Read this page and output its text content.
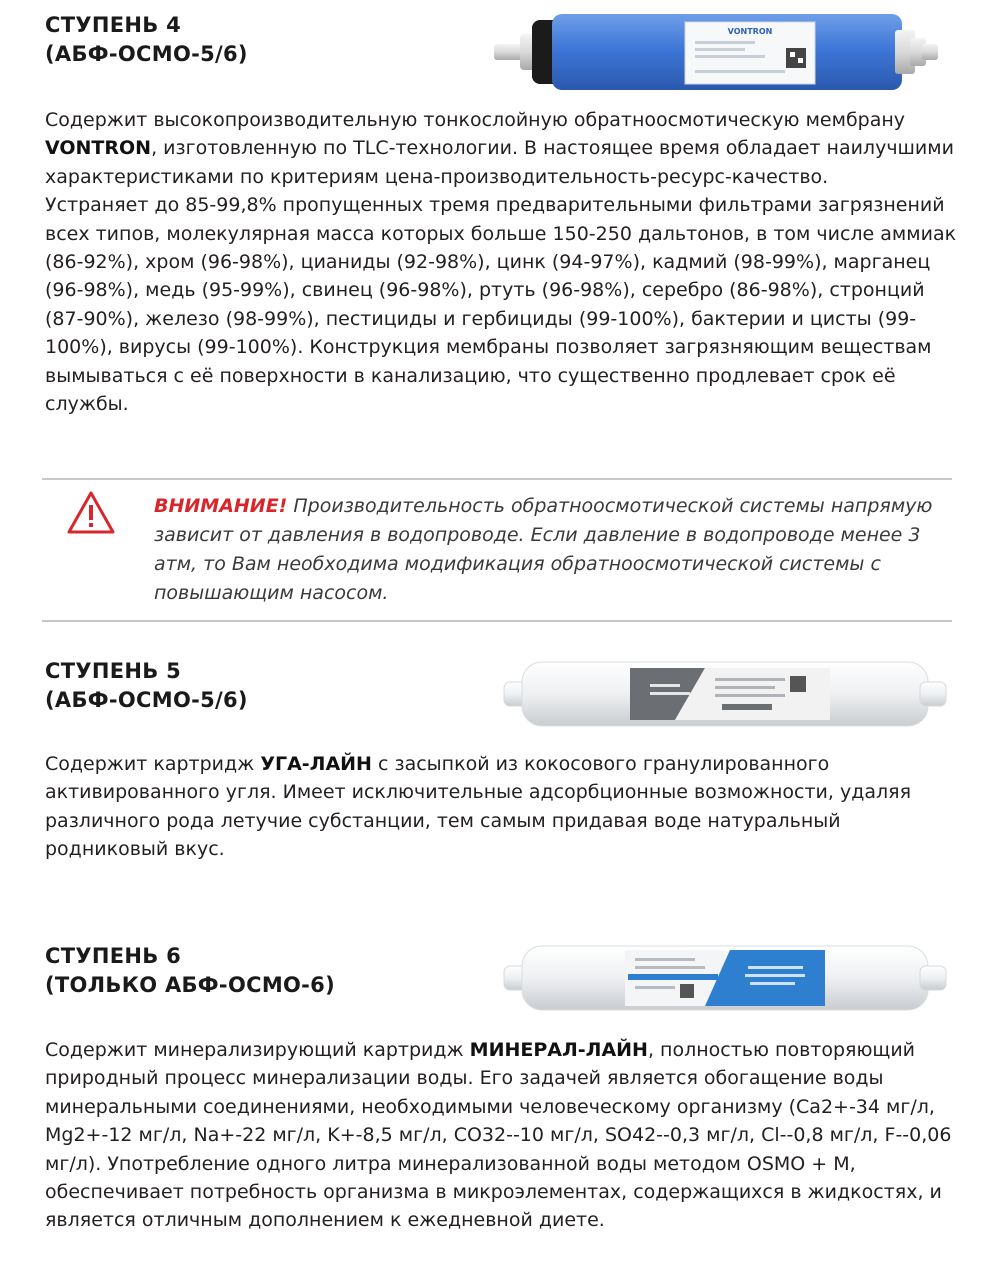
СТУПЕНЬ 4
(АБФ-ОСМО-5/6)
VONTRON
Содержит высокопроизводительную тонкослойную обратноосмотическую мембрану VONTRON, изготовленную по TLC-технологии. В настоящее время обладает наилучшими характеристиками по критериям цена-производительность-ресурс-качество.
Устраняет до 85-99,8% пропущенных тремя предварительными фильтрами загрязнений всех типов, молекулярная масса которых больше 150-250 дальтонов, в том числе аммиак (86-92%), хром (96-98%), цианиды (92-98%), цинк (94-97%), кадмий (98-99%), марганец (96-98%), медь (95-99%), свинец (96-98%), ртуть (96-98%), серебро (86-98%), стронций (87-90%), железо (98-99%), пестициды и гербициды (99-100%), бактерии и цисты (99-100%), вирусы (99-100%). Конструкция мембраны позволяет загрязняющим веществам вымываться с её поверхности в канализацию, что существенно продлевает срок её службы.
ВНИМАНИЕ! Производительность обратноосмотической системы напрямую зависит от давления в водопроводе. Если давление в водопроводе менее 3 атм, то Вам необходима модификация обратноосмотической системы с повышающим насосом.
СТУПЕНЬ 5
(АБФ-ОСМО-5/6)
Содержит картридж УГА-ЛАЙН с засыпкой из кокосового гранулированного активированного угля. Имеет исключительные адсорбционные возможности, удаляя различного рода летучие субстанции, тем самым придавая воде натуральный родниковый вкус.
СТУПЕНЬ 6
(ТОЛЬКО АБФ-ОСМО-6)
Содержит минерализирующий картридж МИНЕРАЛ-ЛАЙН, полностью повторяющий природный процесс минерализации воды. Его задачей является обогащение воды минеральными соединениями, необходимыми человеческому организму (Ca2+-34 мг/л, Mg2+-12 мг/л, Na+-22 мг/л, K+-8,5 мг/л, CO32--10 мг/л, SO42--0,3 мг/л, Cl--0,8 мг/л, F--0,06 мг/л). Употребление одного литра минерализованной воды методом OSMO + M, обеспечивает потребность организма в микроэлементах, содержащихся в жидкостях, и является отличным дополнением к ежедневной диете.
